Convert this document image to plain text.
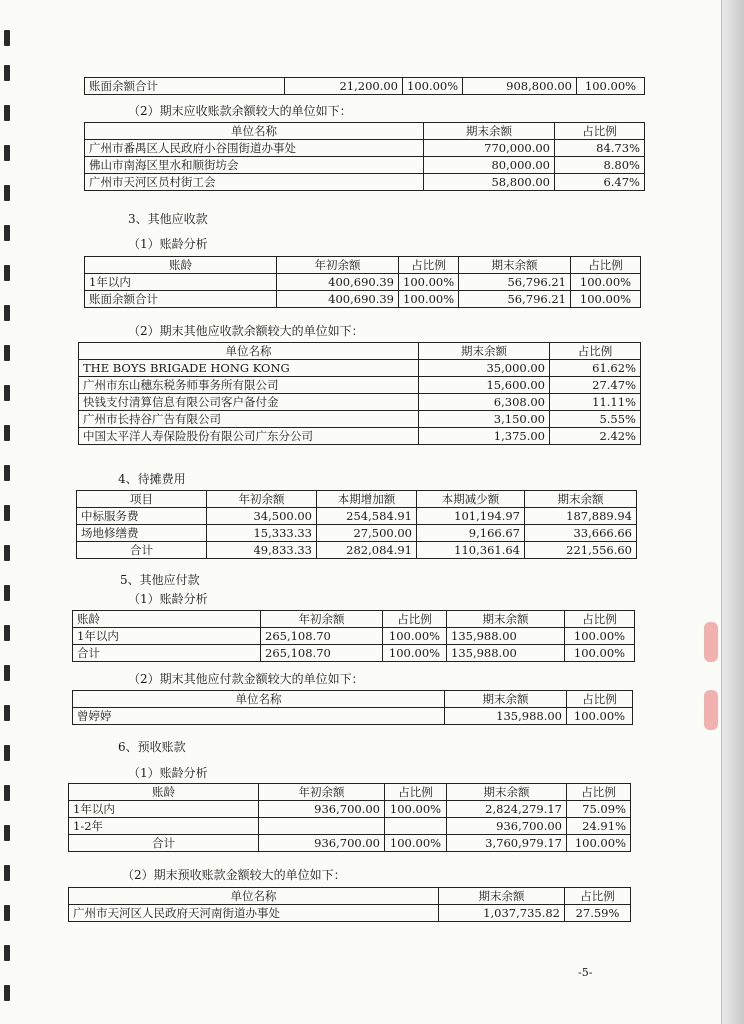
账面余额合计	21,200.00	100.00%	908,800.00	100.00%
（2）期末应收账款余额较大的单位如下：
单位名称	期末余额	占比例
广州市番禺区人民政府小谷围街道办事处	770,000.00	84.73%
佛山市南海区里水和顺街坊会	80,000.00	8.80%
广州市天河区员村街工会	58,800.00	6.47%
3、其他应收款
（1）账龄分析
账龄	年初余额	占比例	期末余额	占比例
1年以内	400,690.39	100.00%	56,796.21	100.00%
账面余额合计	400,690.39	100.00%	56,796.21	100.00%
（2）期末其他应收款余额较大的单位如下：
单位名称	期末余额	占比例
THE BOYS BRIGADE HONG KONG	35,000.00	61.62%
广州市东山穗东税务师事务所有限公司	15,600.00	27.47%
快钱支付清算信息有限公司客户备付金	6,308.00	11.11%
广州市长持谷广告有限公司	3,150.00	5.55%
中国太平洋人寿保险股份有限公司广东分公司	1,375.00	2.42%
4、待摊费用
项目	年初余额	本期增加额	本期减少额	期末余额
中标服务费	34,500.00	254,584.91	101,194.97	187,889.94
场地修缮费	15,333.33	27,500.00	9,166.67	33,666.66
合计	49,833.33	282,084.91	110,361.64	221,556.60
5、其他应付款
（1）账龄分析
账龄	年初余额	占比例	期末余额	占比例
1年以内	265,108.70	100.00%	135,988.00	100.00%
合计	265,108.70	100.00%	135,988.00	100.00%
（2）期末其他应付款金额较大的单位如下：
单位名称	期末余额	占比例
曾婷婷	135,988.00	100.00%
6、预收账款
（1）账龄分析
账龄	年初余额	占比例	期末余额	占比例
1年以内	936,700.00	100.00%	2,824,279.17	75.09%
1-2年			936,700.00	24.91%
合计	936,700.00	100.00%	3,760,979.17	100.00%
（2）期末预收账款金额较大的单位如下：
单位名称	期末余额	占比例
广州市天河区人民政府天河南街道办事处	1,037,735.82	27.59%
-5-
